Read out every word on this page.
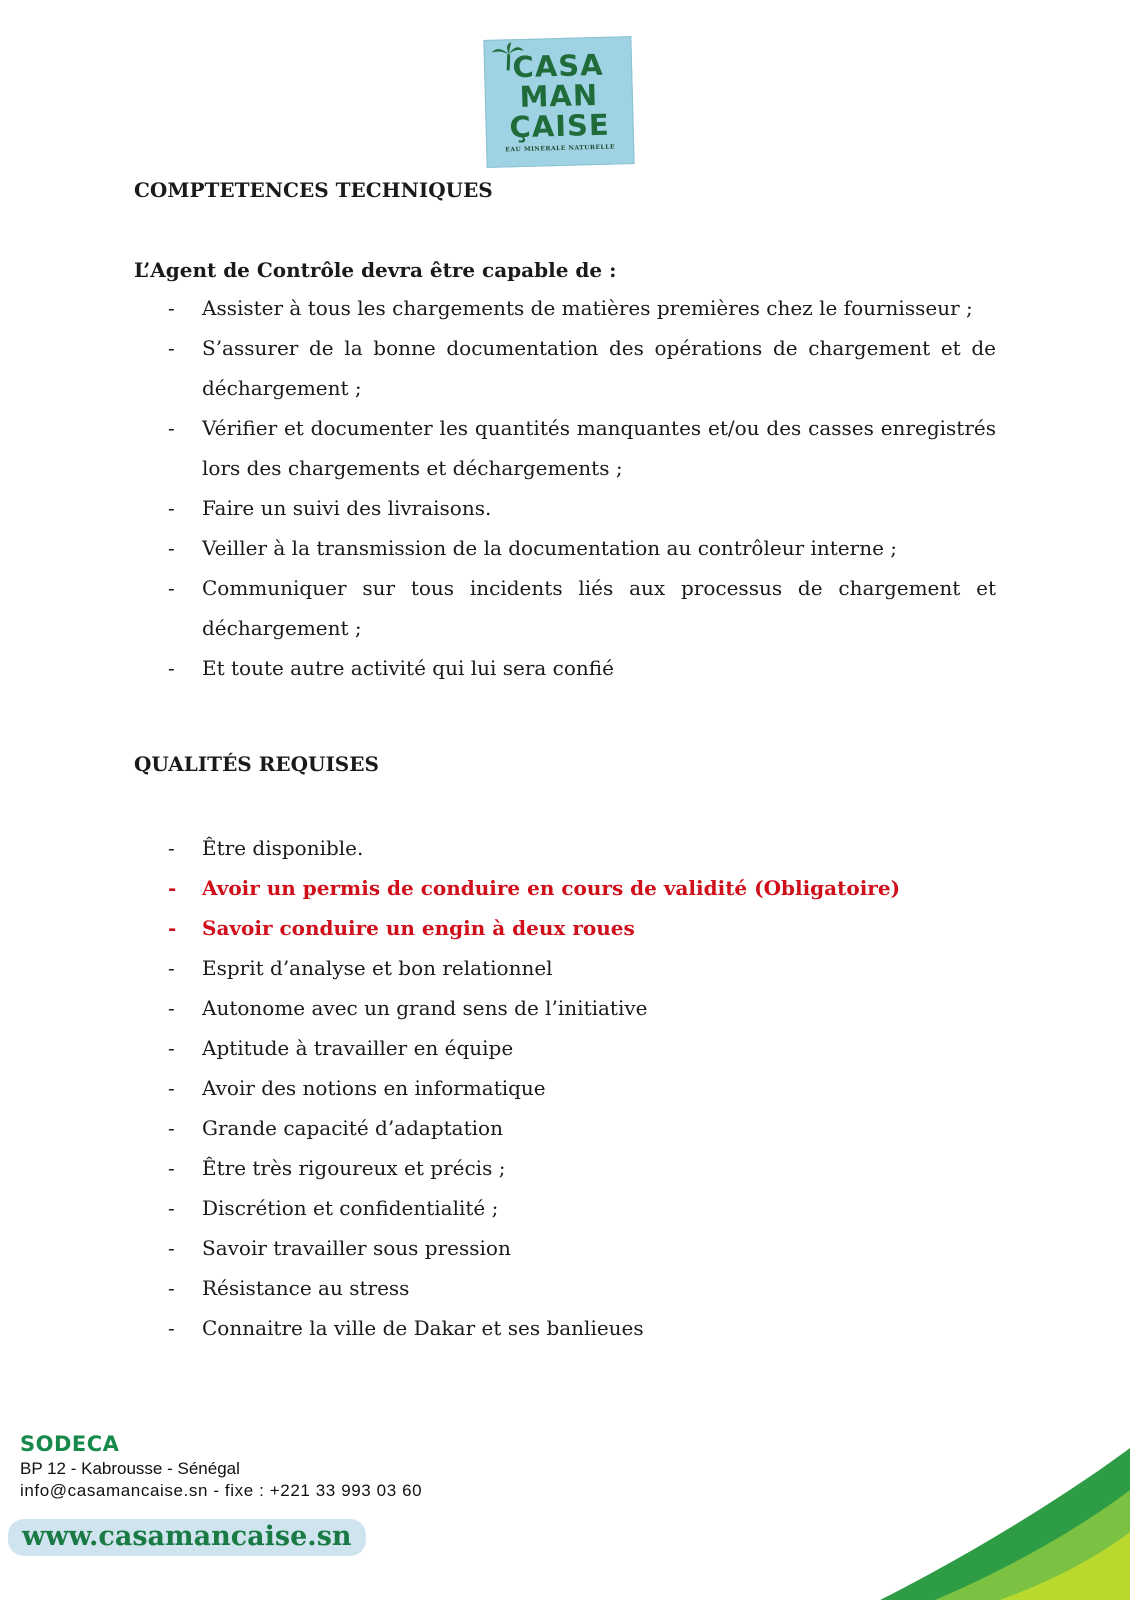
CASA
MAN
ÇAISE
EAU MINÉRALE NATURELLE
COMPTETENCES TECHNIQUES

L’Agent de Contrôle devra être capable de :

- Assister à tous les chargements de matières premières chez le fournisseur ;
- S’assurer de la bonne documentation des opérations de chargement et de déchargement ;
- Vérifier et documenter les quantités manquantes et/ou des casses enregistrés lors des chargements et déchargements ;
- Faire un suivi des livraisons.
- Veiller à la transmission de la documentation au contrôleur interne ;
- Communiquer sur tous incidents liés aux processus de chargement et déchargement ;
- Et toute autre activité qui lui sera confié
QUALITÉS REQUISES
- Être disponible.
- Avoir un permis de conduire en cours de validité (Obligatoire)
- Savoir conduire un engin à deux roues
- Esprit d’analyse et bon relationnel
- Autonome avec un grand sens de l’initiative
- Aptitude à travailler en équipe
- Avoir des notions en informatique
- Grande capacité d’adaptation
- Être très rigoureux et précis ;
- Discrétion et confidentialité ;
- Savoir travailler sous pression
- Résistance au stress
- Connaitre la ville de Dakar et ses banlieues
SODECA
BP 12 - Kabrousse - Sénégal
info@casamancaise.sn - fixe : +221 33 993 03 60
www.casamancaise.sn
